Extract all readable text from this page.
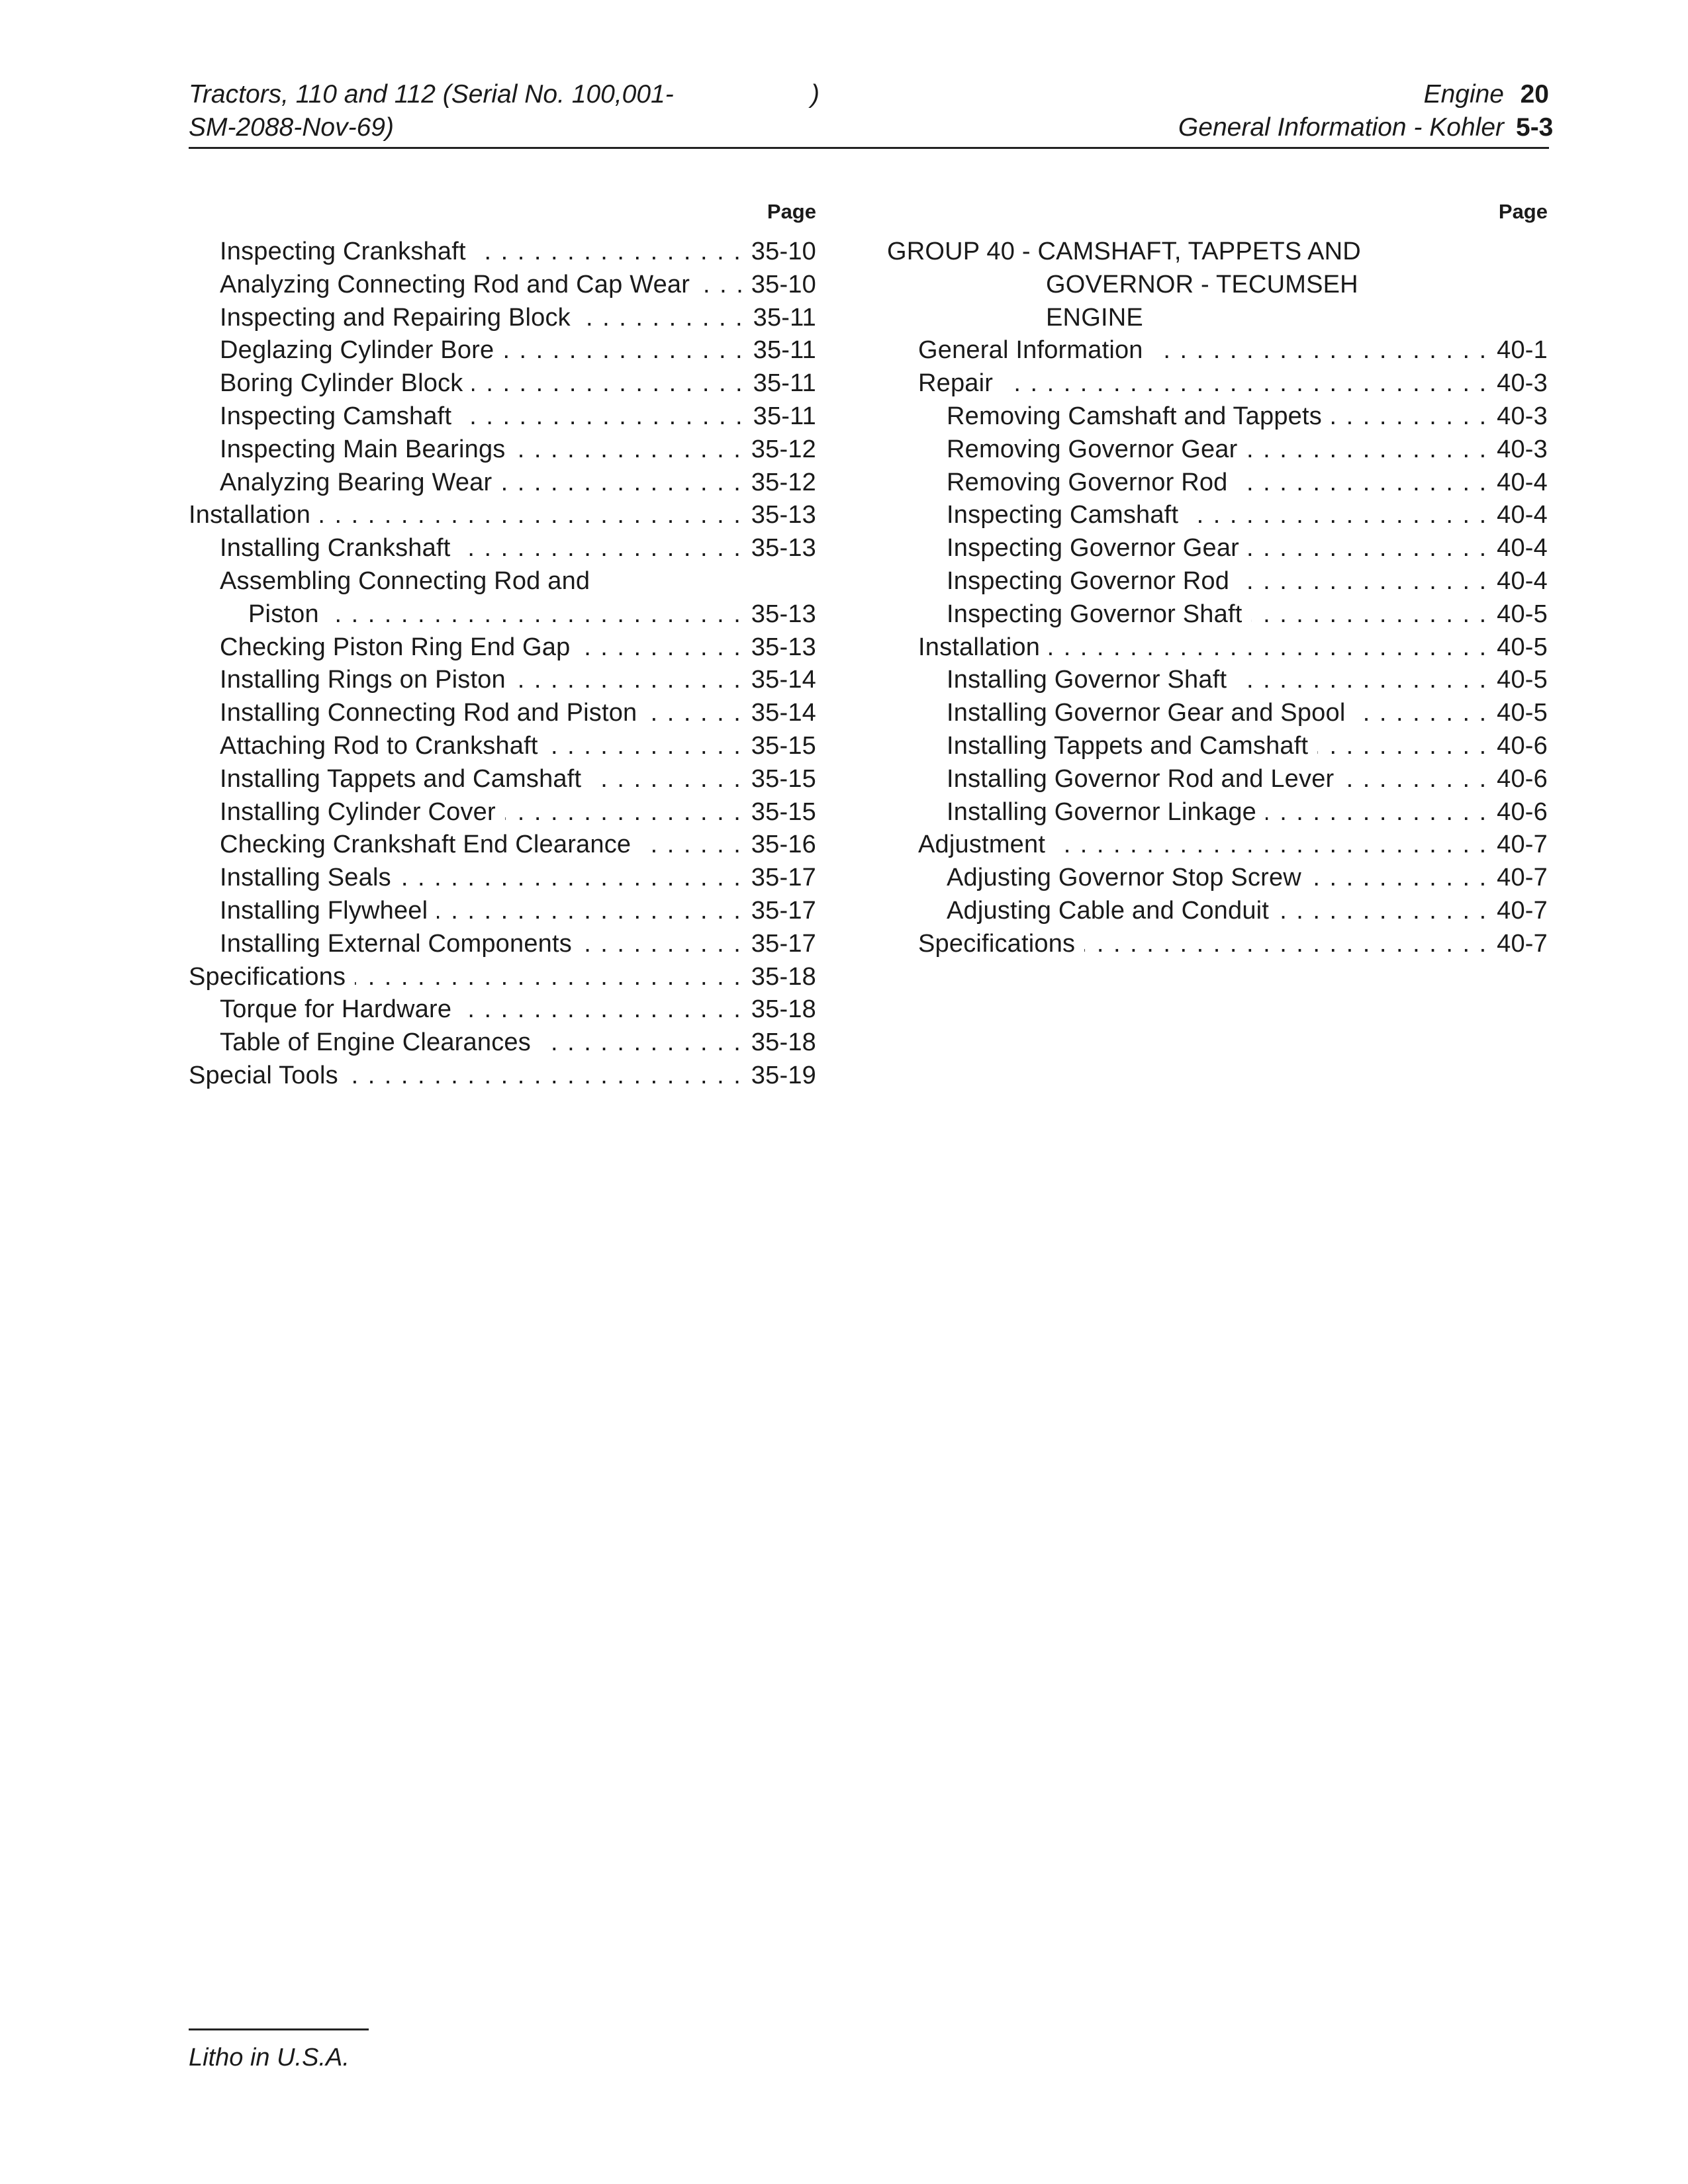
Tractors, 110 and 112 (Serial No. 100,001-
SM-2088-Nov-69)
)	Engine 20
General Information - Kohler 5-3
Page
Inspecting Crankshaft . . .	35-10
Analyzing Connecting Rod and Cap Wear . . . 35-10
Inspecting and Repairing Block . . .	35-11
Deglazing Cylinder Bore . . .	35-11
Boring Cylinder Block . . .	35-11
Inspecting Camshaft . . .	35-11
Inspecting Main Bearings . . .	35-12
Analyzing Bearing Wear . . .	35-12
Installation . . .	35-13
Installing Crankshaft . . .	35-13
Assembling Connecting Rod and
Piston . . .	35-13
Checking Piston Ring End Gap . . .	35-13
Installing Rings on Piston . . .	35-14
Installing Connecting Rod and Piston . . .	35-14
Attaching Rod to Crankshaft . . .	35-15
Installing Tappets and Camshaft . . .	35-15
Installing Cylinder Cover . . .	35-15
Checking Crankshaft End Clearance . . .	35-16
Installing Seals . . .	35-17
Installing Flywheel . . .	35-17
Installing External Components . . .	35-17
Specifications . . .	35-18
Torque for Hardware . . .	35-18
Table of Engine Clearances . . .	35-18
Special Tools . . .	35-19
Page
GROUP 40 - CAMSHAFT, TAPPETS AND
GOVERNOR - TECUMSEH
ENGINE
General Information . . .	40-1
Repair . . .	40-3
Removing Camshaft and Tappets . . .	40-3
Removing Governor Gear . . .	40-3
Removing Governor Rod . . .	40-4
Inspecting Camshaft . . .	40-4
Inspecting Governor Gear . . .	40-4
Inspecting Governor Rod . . .	40-4
Inspecting Governor Shaft . . .	40-5
Installation . . .	40-5
Installing Governor Shaft . . .	40-5
Installing Governor Gear and Spool . . .	40-5
Installing Tappets and Camshaft . . .	40-6
Installing Governor Rod and Lever . . .	40-6
Installing Governor Linkage . . .	40-6
Adjustment . . .	40-7
Adjusting Governor Stop Screw . . .	40-7
Adjusting Cable and Conduit . . .	40-7
Specifications . . .	40-7
Litho in U.S.A.
